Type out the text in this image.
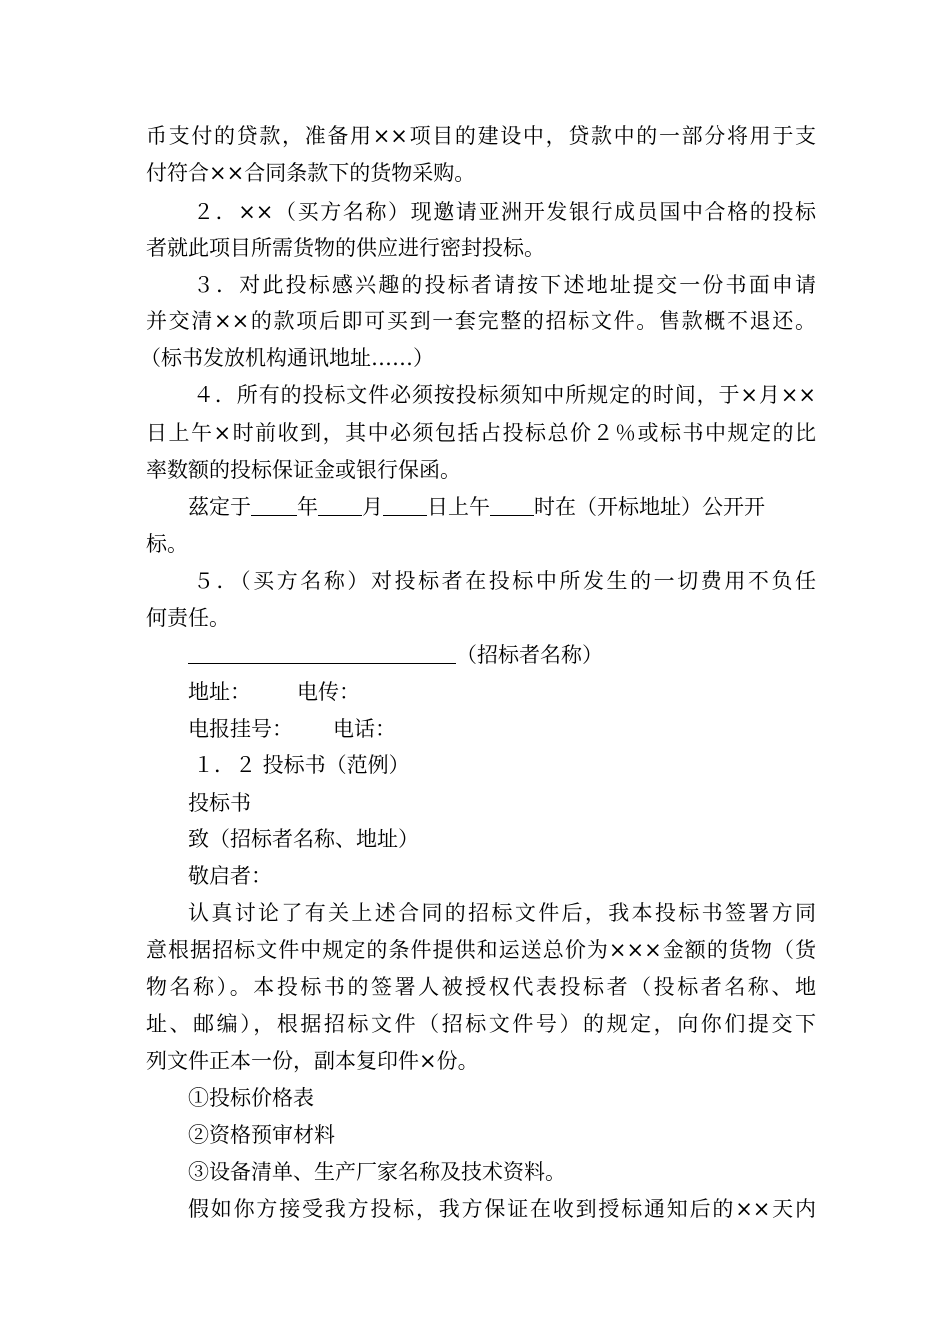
币支付的贷款，准备用××项目的建设中，贷款中的一部分将用于支
付符合××合同条款下的货物采购。
２．××（买方名称）现邀请亚洲开发银行成员国中合格的投标
者就此项目所需货物的供应进行密封投标。
３．对此投标感兴趣的投标者请按下述地址提交一份书面申请
并交清××的款项后即可买到一套完整的招标文件。售款概不退还。
（标书发放机构通讯地址……）
４．所有的投标文件必须按投标须知中所规定的时间，于×月××
日上午×时前收到，其中必须包括占投标总价２％或标书中规定的比
率数额的投标保证金或银行保函。
茲定于 年 月 日上午 时在（开标地址）公开开
标。
５．（买方名称）对投标者在投标中所发生的一切费用不负任
何责任。
（招标者名称）
地址： 电传：
电报挂号： 电话：
１．２ 投标书（范例）
投标书
致（招标者名称、地址）
敬启者：
认真讨论了有关上述合同的招标文件后，我本投标书签署方同
意根据招标文件中规定的条件提供和运送总价为×××金额的货物（货
物名称）。本投标书的签署人被授权代表投标者（投标者名称、地
址、邮编），根据招标文件（招标文件号）的规定，向你们提交下
列文件正本一份，副本复印件×份。
①投标价格表
②资格预审材料
③设备清单、生产厂家名称及技术资料。
假如你方接受我方投标，我方保证在收到授标通知后的××天内
